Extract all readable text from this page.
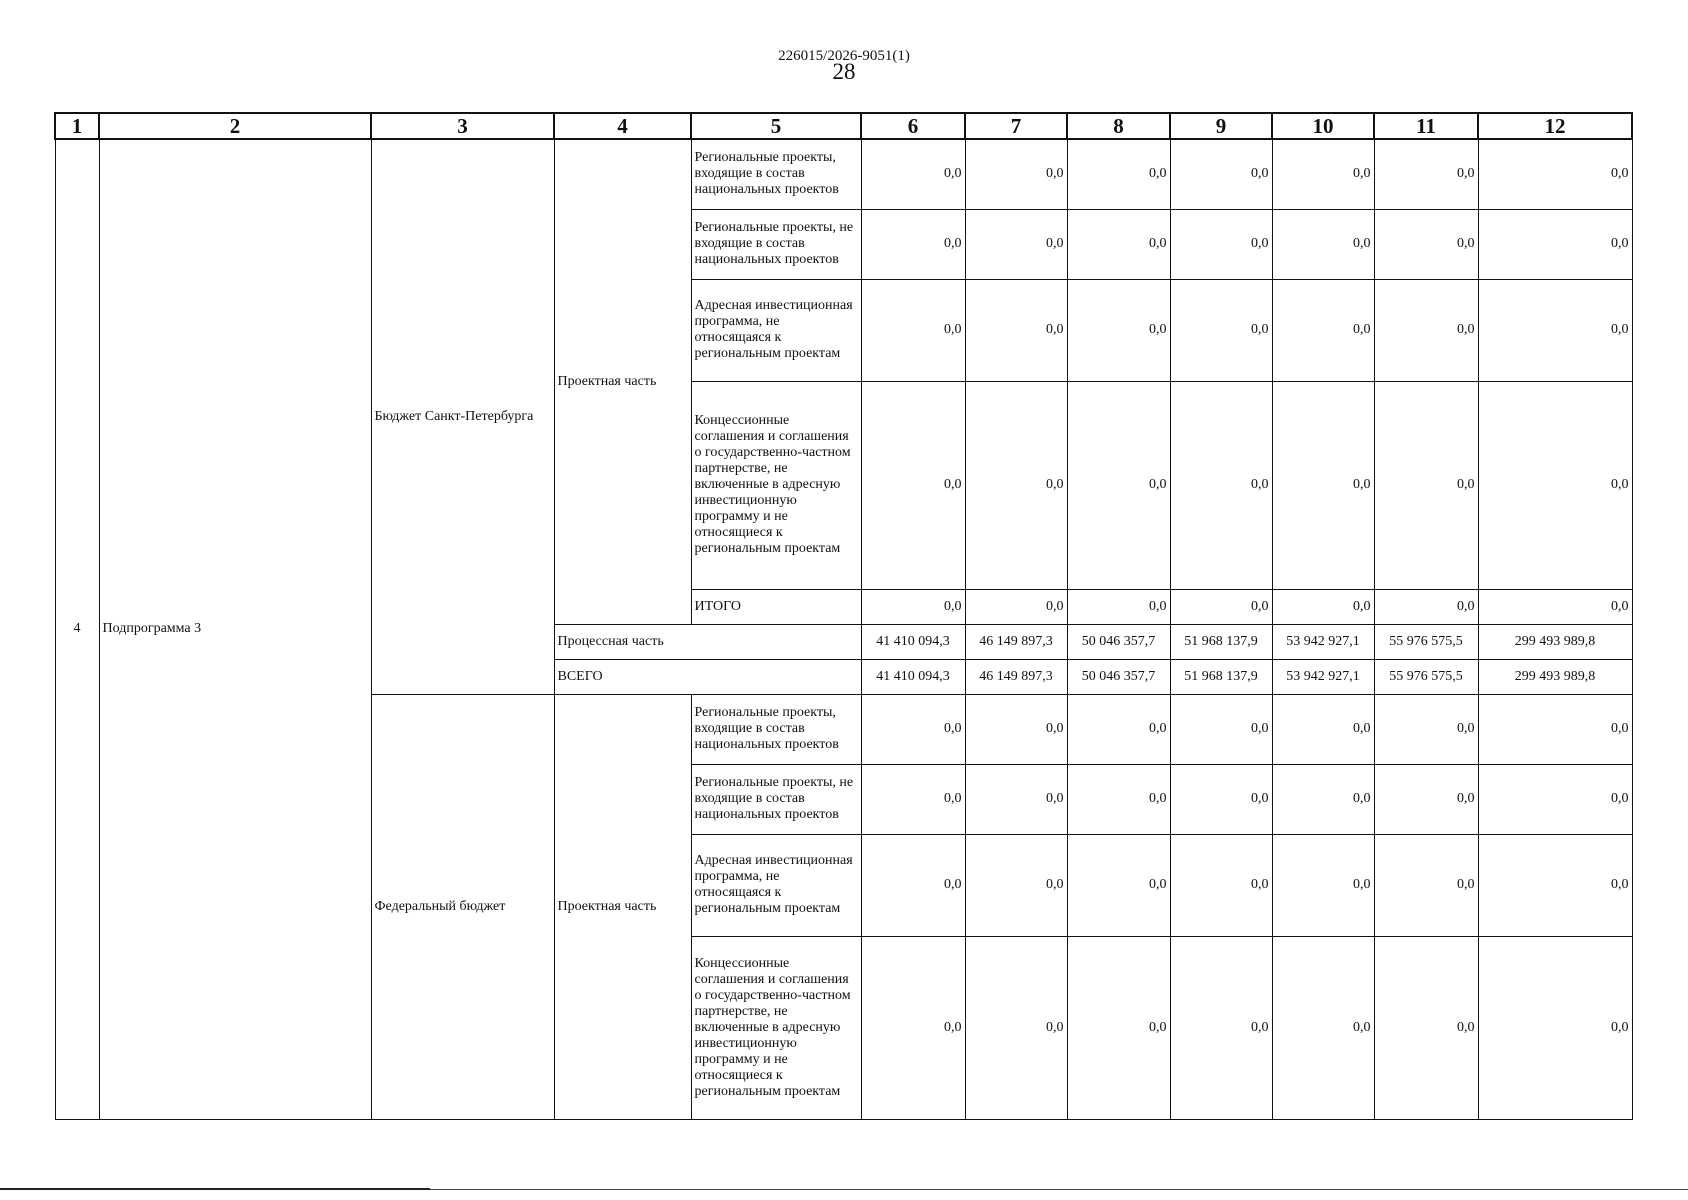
226015/2026-9051(1)
28
1	2	3	4	5	6	7	8	9	10	11	12
4	Подпрограмма 3	Бюджет Санкт-Петербурга	Проектная часть	Региональные проекты, входящие в состав национальных проектов	0,0	0,0	0,0	0,0	0,0	0,0	0,0
				Региональные проекты, не входящие в состав национальных проектов	0,0	0,0	0,0	0,0	0,0	0,0	0,0
				Адресная инвестиционная программа, не относящаяся к региональным проектам	0,0	0,0	0,0	0,0	0,0	0,0	0,0
				Концессионные соглашения и соглашения о государственно-частном партнерстве, не включенные в адресную инвестиционную программу и не относящиеся к региональным проектам	0,0	0,0	0,0	0,0	0,0	0,0	0,0
				ИТОГО	0,0	0,0	0,0	0,0	0,0	0,0	0,0
			Процессная часть		41 410 094,3	46 149 897,3	50 046 357,7	51 968 137,9	53 942 927,1	55 976 575,5	299 493 989,8
			ВСЕГО		41 410 094,3	46 149 897,3	50 046 357,7	51 968 137,9	53 942 927,1	55 976 575,5	299 493 989,8
		Федеральный бюджет	Проектная часть	Региональные проекты, входящие в состав национальных проектов	0,0	0,0	0,0	0,0	0,0	0,0	0,0
				Региональные проекты, не входящие в состав национальных проектов	0,0	0,0	0,0	0,0	0,0	0,0	0,0
				Адресная инвестиционная программа, не относящаяся к региональным проектам	0,0	0,0	0,0	0,0	0,0	0,0	0,0
				Концессионные соглашения и соглашения о государственно-частном партнерстве, не включенные в адресную инвестиционную программу и не относящиеся к региональным проектам	0,0	0,0	0,0	0,0	0,0	0,0	0,0
